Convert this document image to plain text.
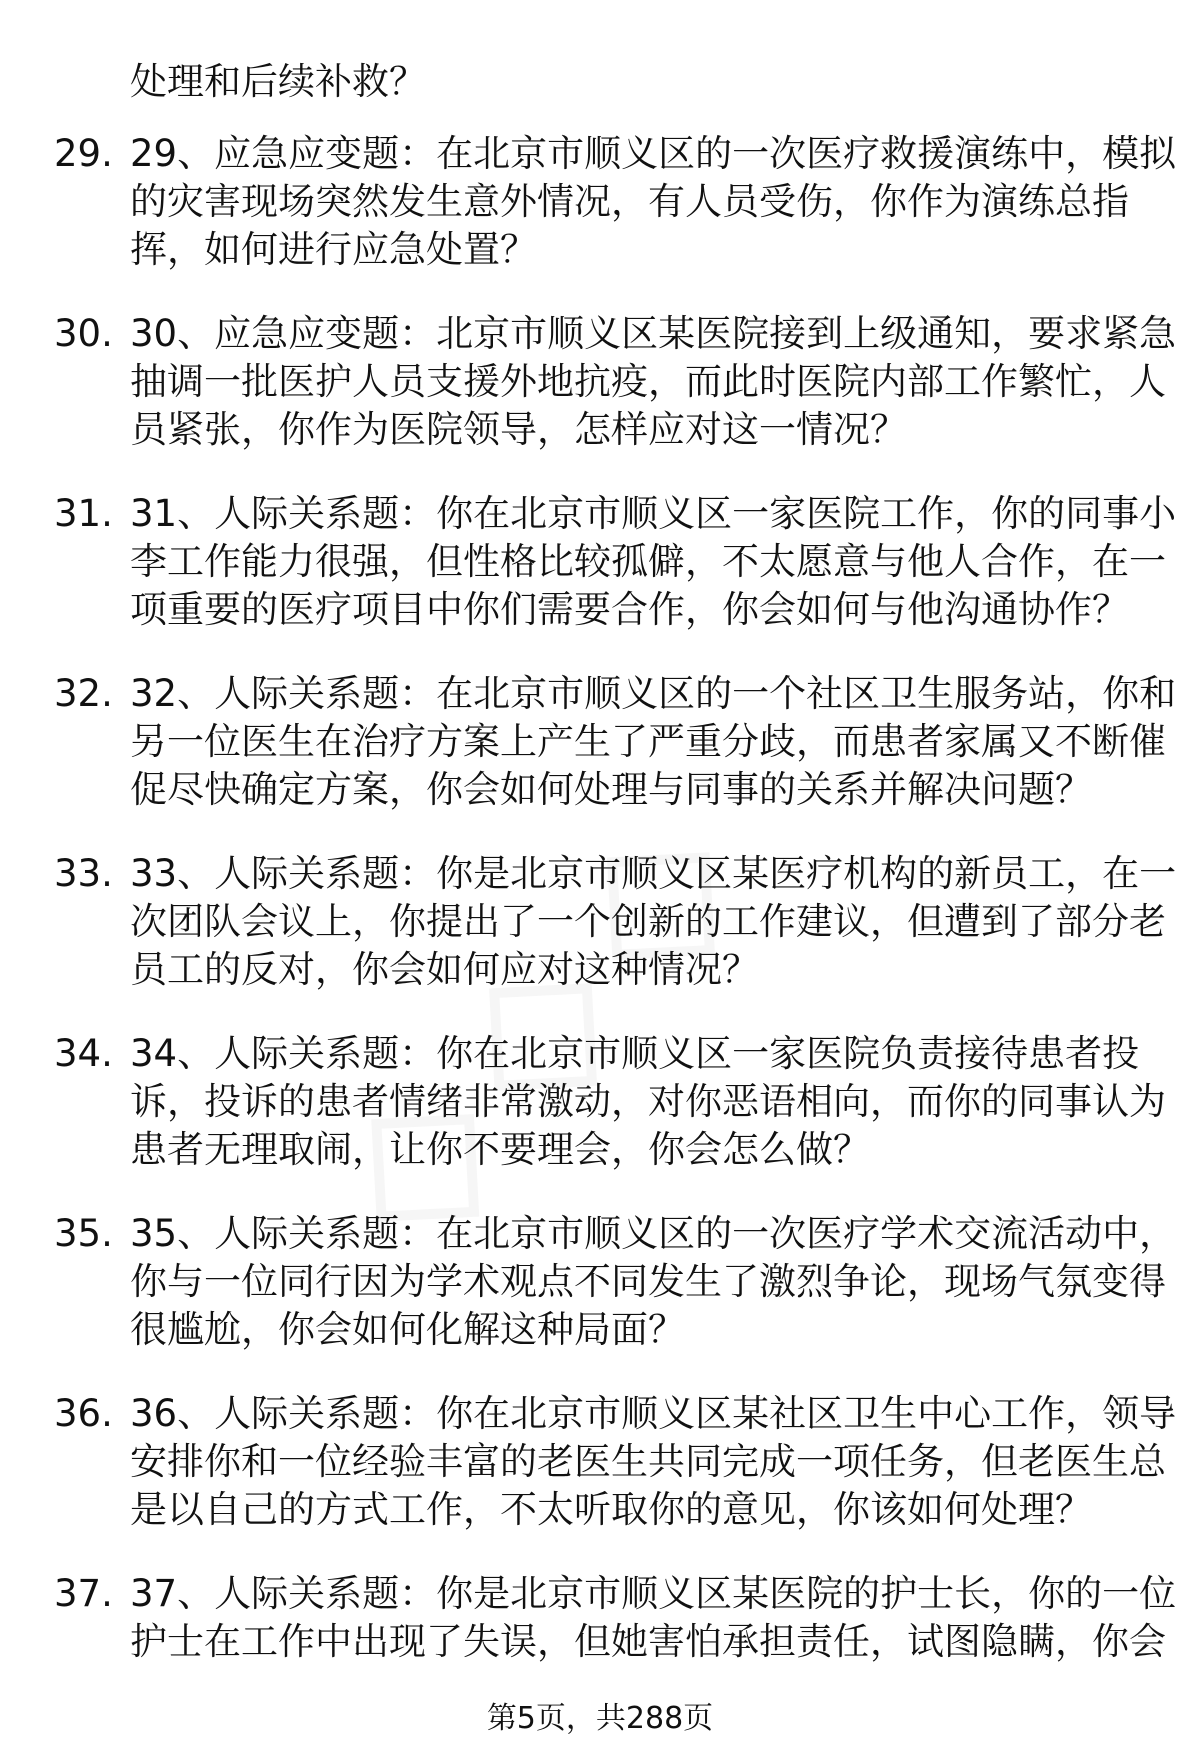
处理和后续补救？
29. 29、应急应变题：在北京市顺义区的一次医疗救援演练中，模拟
的灾害现场突然发生意外情况，有人员受伤，你作为演练总指
挥，如何进行应急处置？
30. 30、应急应变题：北京市顺义区某医院接到上级通知，要求紧急
抽调一批医护人员支援外地抗疫，而此时医院内部工作繁忙，人
员紧张，你作为医院领导，怎样应对这一情况？
31. 31、人际关系题：你在北京市顺义区一家医院工作，你的同事小
李工作能力很强，但性格比较孤僻，不太愿意与他人合作，在一
项重要的医疗项目中你们需要合作，你会如何与他沟通协作？
32. 32、人际关系题：在北京市顺义区的一个社区卫生服务站，你和
另一位医生在治疗方案上产生了严重分歧，而患者家属又不断催
促尽快确定方案，你会如何处理与同事的关系并解决问题？
33. 33、人际关系题：你是北京市顺义区某医疗机构的新员工，在一
次团队会议上，你提出了一个创新的工作建议，但遭到了部分老
员工的反对，你会如何应对这种情况？
34. 34、人际关系题：你在北京市顺义区一家医院负责接待患者投
诉，投诉的患者情绪非常激动，对你恶语相向，而你的同事认为
患者无理取闹，让你不要理会，你会怎么做？
35. 35、人际关系题：在北京市顺义区的一次医疗学术交流活动中，
你与一位同行因为学术观点不同发生了激烈争论，现场气氛变得
很尴尬，你会如何化解这种局面？
36. 36、人际关系题：你在北京市顺义区某社区卫生中心工作，领导
安排你和一位经验丰富的老医生共同完成一项任务，但老医生总
是以自己的方式工作，不太听取你的意见，你该如何处理？
37. 37、人际关系题：你是北京市顺义区某医院的护士长，你的一位
护士在工作中出现了失误，但她害怕承担责任，试图隐瞒，你会
第5页，共288页
